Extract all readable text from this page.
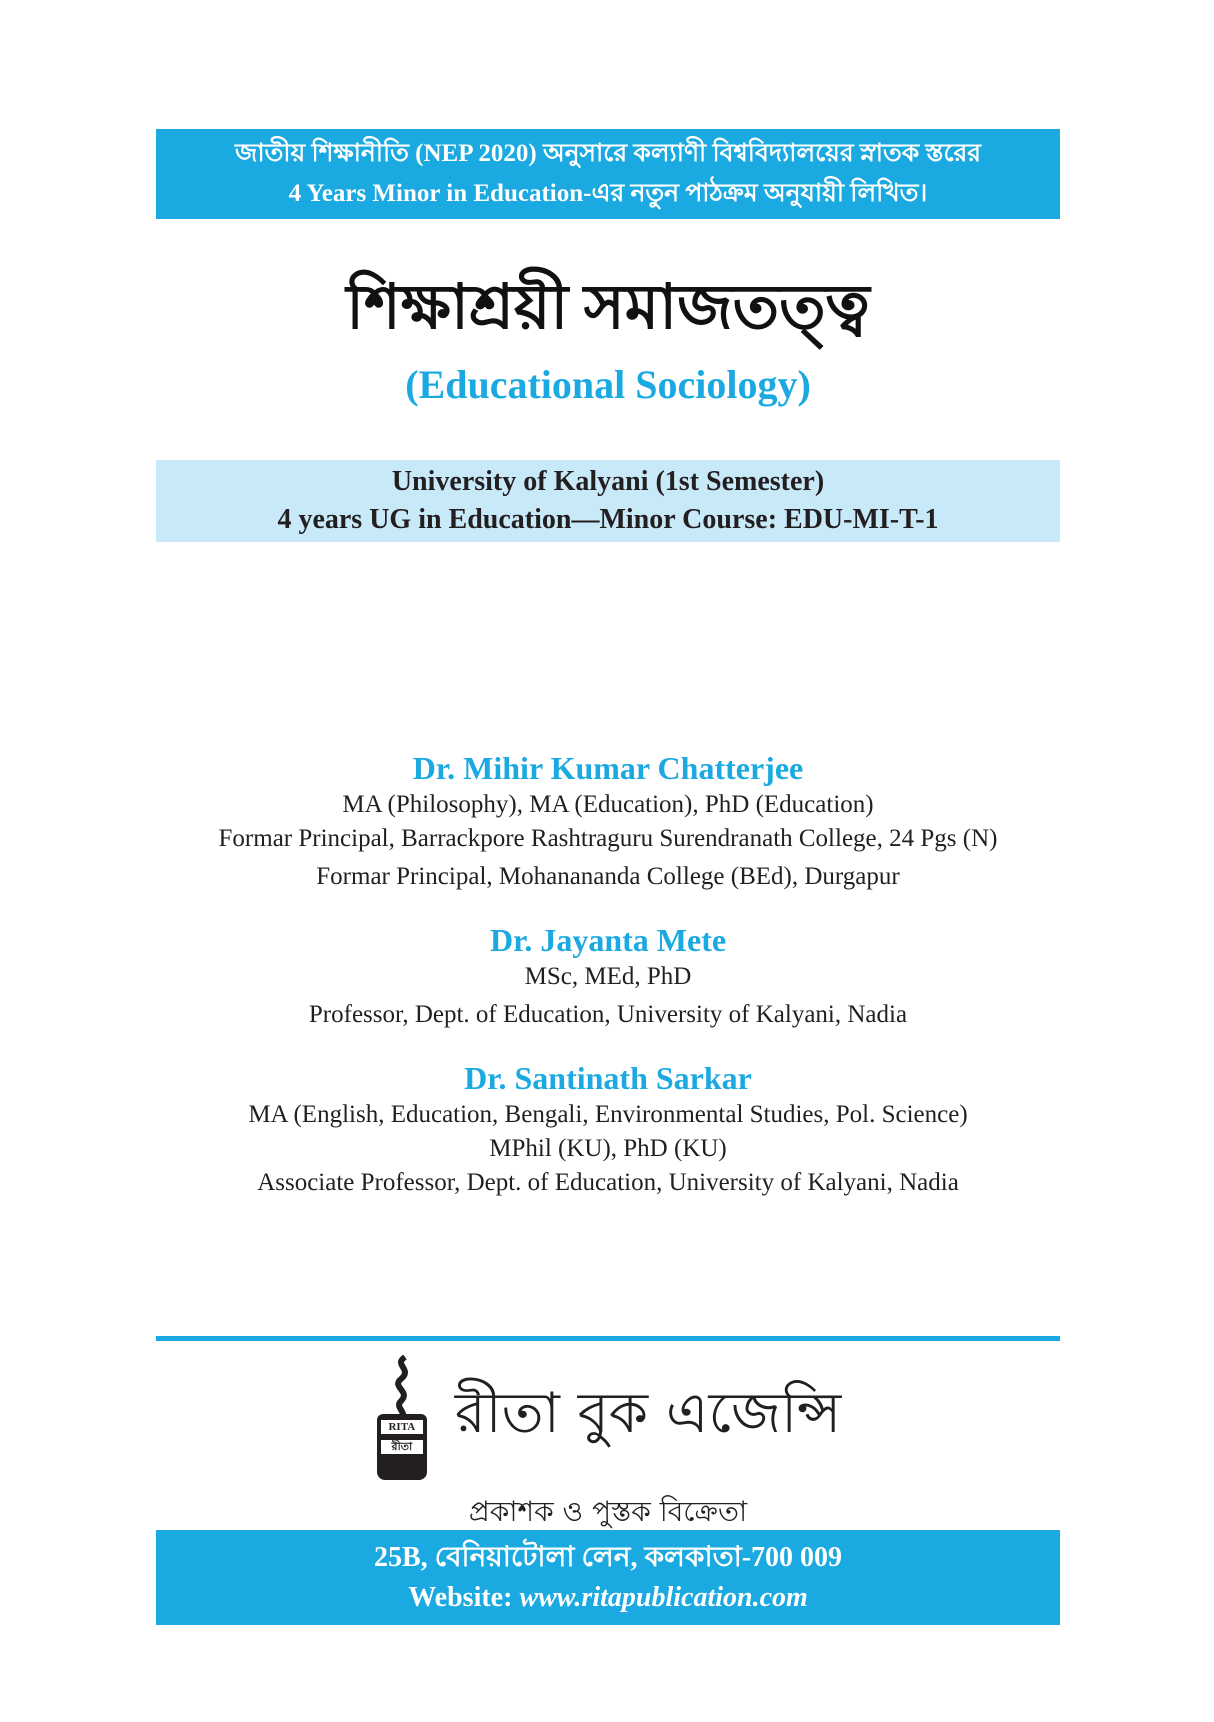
জাতীয় শিক্ষানীতি (NEP 2020) অনুসারে কল্যাণী বিশ্ববিদ্যালয়ের স্নাতক স্তরের
4 Years Minor in Education-এর নতুন পাঠক্রম অনুযায়ী লিখিত।
শিক্ষাশ্রয়ী সমাজতত্ত্ব
(Educational Sociology)
University of Kalyani (1st Semester)
4 years UG in Education—Minor Course: EDU-MI-T-1
Dr. Mihir Kumar Chatterjee
MA (Philosophy), MA (Education), PhD (Education)
Formar Principal, Barrackpore Rashtraguru Surendranath College, 24 Pgs (N)
Formar Principal, Mohanananda College (BEd), Durgapur
Dr. Jayanta Mete
MSc, MEd, PhD
Professor, Dept. of Education, University of Kalyani, Nadia
Dr. Santinath Sarkar
MA (English, Education, Bengali, Environmental Studies, Pol. Science)
MPhil (KU), PhD (KU)
Associate Professor, Dept. of Education, University of Kalyani, Nadia
RITA
রীতা
রীতা বুক এজেন্সি
প্রকাশক ও পুস্তক বিক্রেতা
25B, বেনিয়াটোলা লেন, কলকাতা-700 009
Website: www.ritapublication.com
